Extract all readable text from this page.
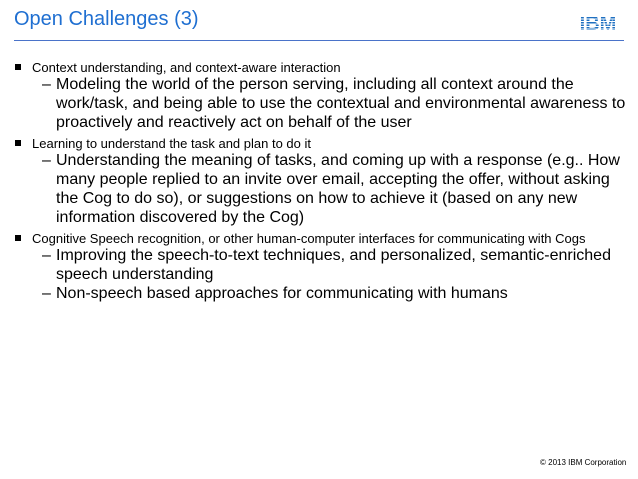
Open Challenges (3)	IBM
Context understanding, and context-aware interaction
– Modeling the world of the person serving, including all context around the work/task, and being able to use the contextual and environmental awareness to proactively and reactively act on behalf of the user
Learning to understand the task and plan to do it
– Understanding the meaning of tasks, and coming up with a response (e.g.. How many people replied to an invite over email, accepting the offer, without asking the Cog to do so), or suggestions on how to achieve it (based on any new information discovered by the Cog)
Cognitive Speech recognition, or other human-computer interfaces for communicating with Cogs
– Improving the speech-to-text techniques, and personalized, semantic-enriched speech understanding
– Non-speech based approaches for communicating with humans
© 2013 IBM Corporation
